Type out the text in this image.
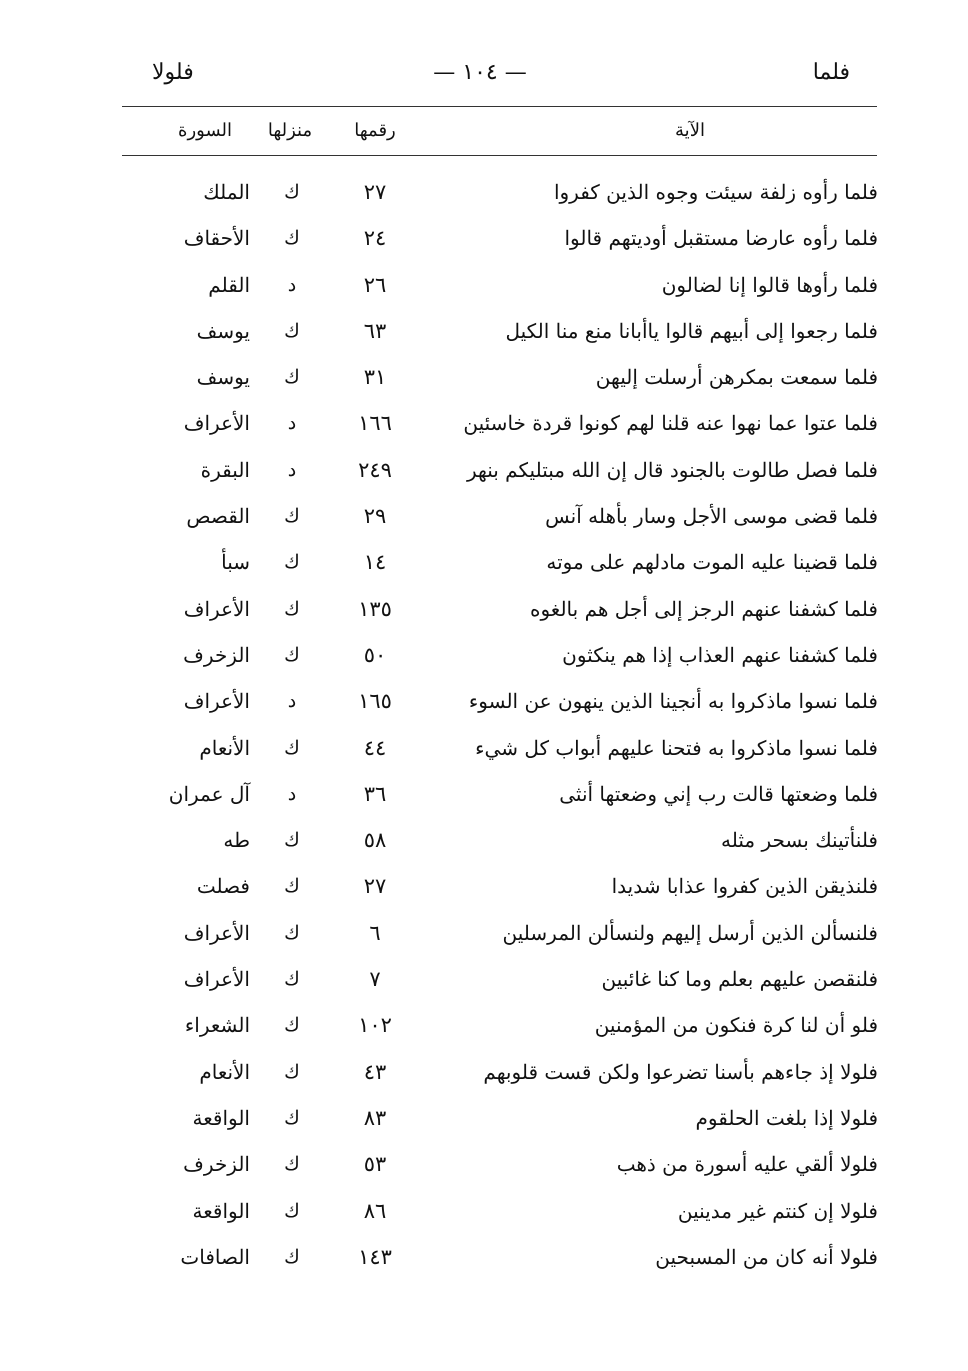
فلما
— ١٠٤ —
فلولا
الآية
رقمها
منزلها
السورة
فلما رأوه زلفة سيئت وجوه الذين كفروا
٢٧
ك
الملك
فلما رأوه عارضا مستقبل أوديتهم قالوا
٢٤
ك
الأحقاف
فلما رأوها قالوا إنا لضالون
٢٦
د
القلم
فلما رجعوا إلى أبيهم قالوا ياأبانا منع منا الكيل
٦٣
ك
يوسف
فلما سمعت بمكرهن أرسلت إليهن
٣١
ك
يوسف
فلما عتوا عما نهوا عنه قلنا لهم كونوا قردة خاسئين
١٦٦
د
الأعراف
فلما فصل طالوت بالجنود قال إن الله مبتليكم بنهر
٢٤٩
د
البقرة
فلما قضى موسى الأجل وسار بأهله آنس
٢٩
ك
القصص
فلما قضينا عليه الموت مادلهم على موته
١٤
ك
سبأ
فلما كشفنا عنهم الرجز إلى أجل هم بالغوه
١٣٥
ك
الأعراف
فلما كشفنا عنهم العذاب إذا هم ينكثون
٥٠
ك
الزخرف
فلما نسوا ماذكروا به أنجينا الذين ينهون عن السوء
١٦٥
د
الأعراف
فلما نسوا ماذكروا به فتحنا عليهم أبواب كل شيء
٤٤
ك
الأنعام
فلما وضعتها قالت رب إني وضعتها أنثى
٣٦
د
آل عمران
فلنأتينك بسحر مثله
٥٨
ك
طه
فلنذيقن الذين كفروا عذابا شديدا
٢٧
ك
فصلت
فلنسألن الذين أرسل إليهم ولنسألن المرسلين
٦
ك
الأعراف
فلنقصن عليهم بعلم وما كنا غائبين
٧
ك
الأعراف
فلو أن لنا كرة فنكون من المؤمنين
١٠٢
ك
الشعراء
فلولا إذ جاءهم بأسنا تضرعوا ولكن قست قلوبهم
٤٣
ك
الأنعام
فلولا إذا بلغت الحلقوم
٨٣
ك
الواقعة
فلولا ألقي عليه أسورة من ذهب
٥٣
ك
الزخرف
فلولا إن كنتم غير مدينين
٨٦
ك
الواقعة
فلولا أنه كان من المسبحين
١٤٣
ك
الصافات
